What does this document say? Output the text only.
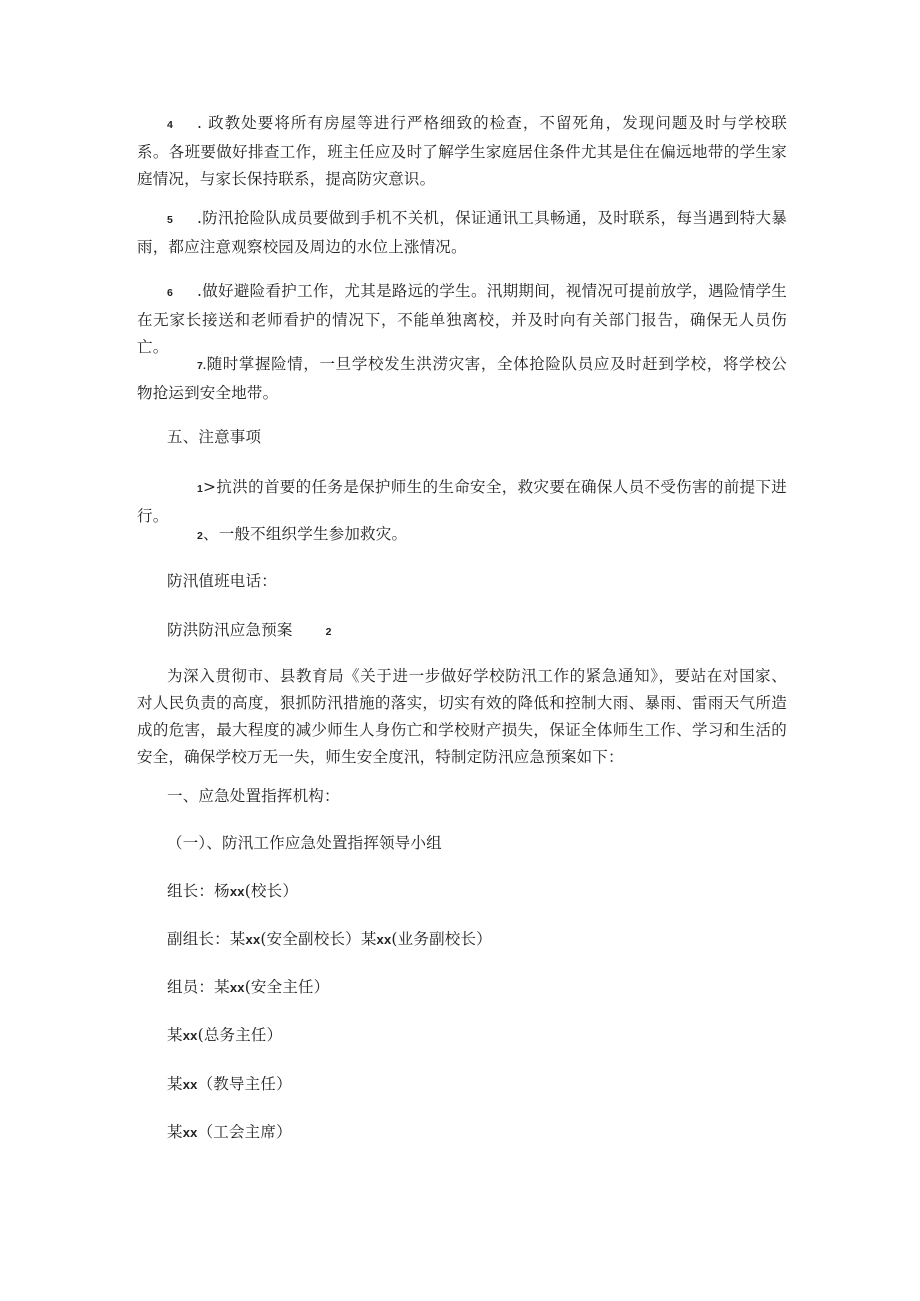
4 . 政教处要将所有房屋等进行严格细致的检查，不留死角，发现问题及时与学校联系。各班要做好排查工作，班主任应及时了解学生家庭居住条件尤其是住在偏远地带的学生家庭情况，与家长保持联系，提高防灾意识。

5 .防汛抢险队成员要做到手机不关机，保证通讯工具畅通，及时联系，每当遇到特大暴雨，都应注意观察校园及周边的水位上涨情况。

6 .做好避险看护工作，尤其是路远的学生。汛期期间，视情况可提前放学，遇险情学生在无家长接送和老师看护的情况下，不能单独离校，并及时向有关部门报告，确保无人员伤亡。

7.随时掌握险情，一旦学校发生洪涝灾害，全体抢险队员应及时赶到学校，将学校公物抢运到安全地带。

五、注意事项

1>抗洪的首要的任务是保护师生的生命安全，救灾要在确保人员不受伤害的前提下进行。

2、一般不组织学生参加救灾。

防汛值班电话：

防洪防汛应急预案	2

为深入贯彻市、县教育局《关于进一步做好学校防汛工作的紧急通知》，要站在对国家、对人民负责的高度，狠抓防汛措施的落实，切实有效的降低和控制大雨、暴雨、雷雨天气所造成的危害，最大程度的减少师生人身伤亡和学校财产损失，保证全体师生工作、学习和生活的安全，确保学校万无一失，师生安全度汛，特制定防汛应急预案如下：

一、应急处置指挥机构：

（一）、防汛工作应急处置指挥领导小组

组长：杨xx(校长）

副组长：某xx(安全副校长）某xx(业务副校长）

组员：某xx(安全主任）

某xx(总务主任）

某xx（教导主任）

某xx（工会主席）
